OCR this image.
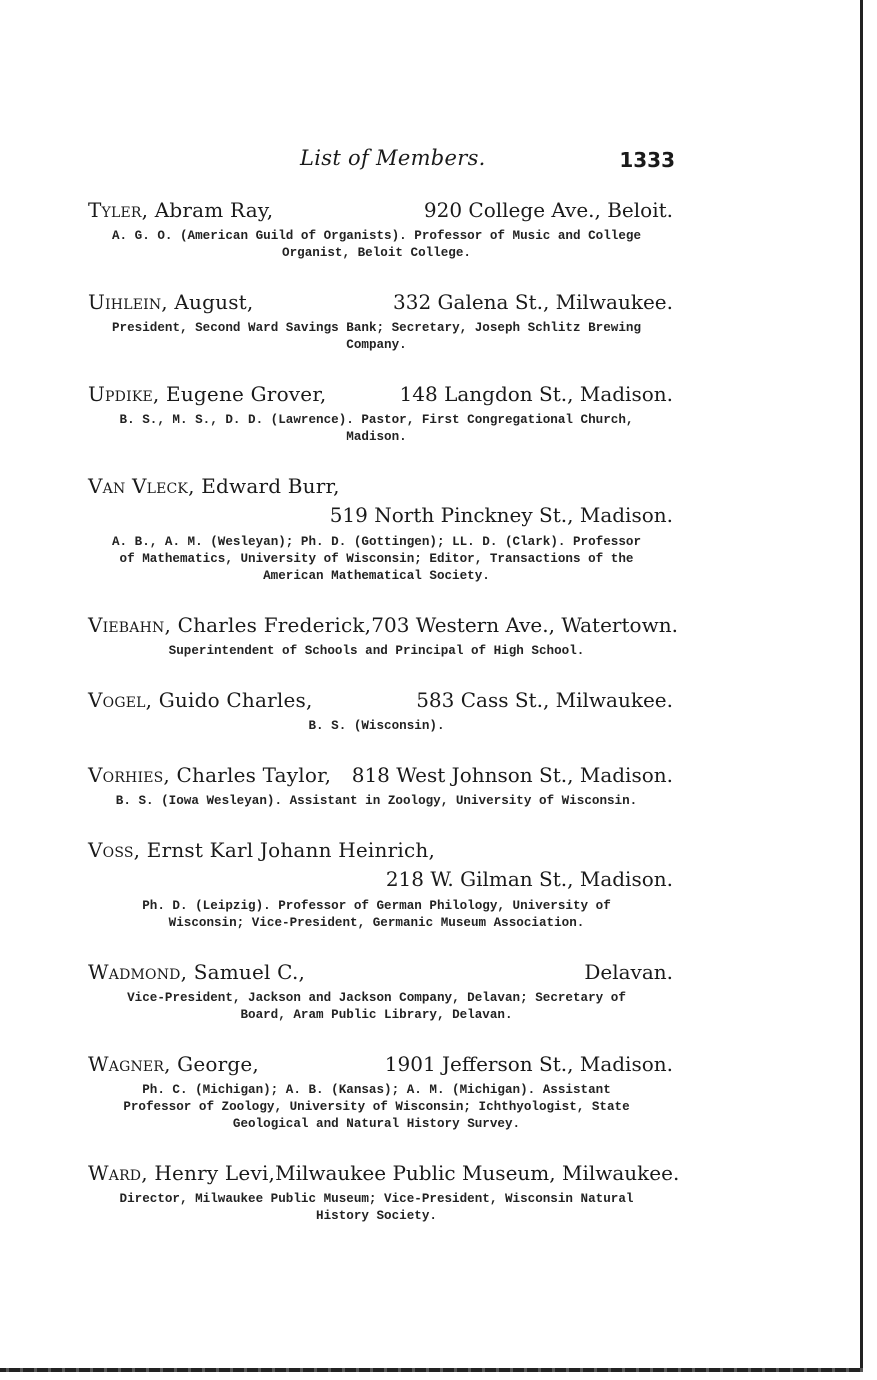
List of Members.	1333
Tyler, Abram Ray,	920 College Ave., Beloit.
A. G. O. (American Guild of Organists). Professor of Music and College Organist, Beloit College.
Uihlein, August,	332 Galena St., Milwaukee.
President, Second Ward Savings Bank; Secretary, Joseph Schlitz Brewing Company.
Updike, Eugene Grover,	148 Langdon St., Madison.
B. S., M. S., D. D. (Lawrence). Pastor, First Congregational Church, Madison.
Van Vleck, Edward Burr,
519 North Pinckney St., Madison.
A. B., A. M. (Wesleyan); Ph. D. (Gottingen); LL. D. (Clark). Professor of Mathematics, University of Wisconsin; Editor, Transactions of the American Mathematical Society.
Viebahn, Charles Frederick, 703 Western Ave., Watertown.
Superintendent of Schools and Principal of High School.
Vogel, Guido Charles,	583 Cass St., Milwaukee.
B. S. (Wisconsin).
Vorhies, Charles Taylor, 818 West Johnson St., Madison.
B. S. (Iowa Wesleyan). Assistant in Zoology, University of Wisconsin.
Voss, Ernst Karl Johann Heinrich,
218 W. Gilman St., Madison.
Ph. D. (Leipzig). Professor of German Philology, University of Wisconsin; Vice-President, Germanic Museum Association.
Wadmond, Samuel C.,	Delavan.
Vice-President, Jackson and Jackson Company, Delavan; Secretary of Board, Aram Public Library, Delavan.
Wagner, George,	1901 Jefferson St., Madison.
Ph. C. (Michigan); A. B. (Kansas); A. M. (Michigan). Assistant Professor of Zoology, University of Wisconsin; Ichthyologist, State Geological and Natural History Survey.
Ward, Henry Levi, Milwaukee Public Museum, Milwaukee.
Director, Milwaukee Public Museum; Vice-President, Wisconsin Natural History Society.
